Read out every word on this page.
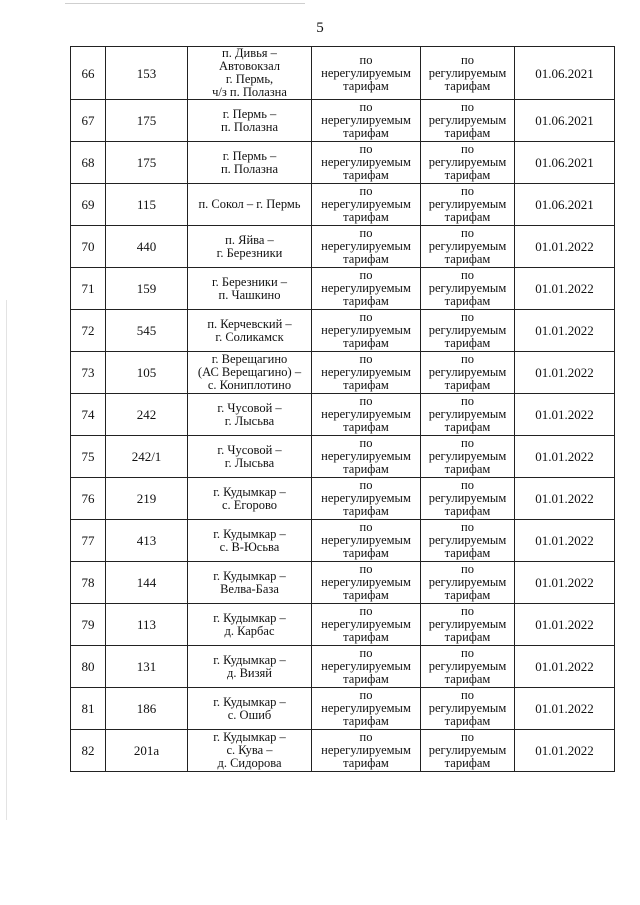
5
66	153	п. Дивья –
Автовокзал
г. Пермь,
ч/з п. Полазна	по
нерегулируемым
тарифам	по
регулируемым
тарифам	01.06.2021
67	175	г. Пермь –
п. Полазна	по
нерегулируемым
тарифам	по
регулируемым
тарифам	01.06.2021
68	175	г. Пермь –
п. Полазна	по
нерегулируемым
тарифам	по
регулируемым
тарифам	01.06.2021
69	115	п. Сокол – г. Пермь	по
нерегулируемым
тарифам	по
регулируемым
тарифам	01.06.2021
70	440	п. Яйва –
г. Березники	по
нерегулируемым
тарифам	по
регулируемым
тарифам	01.01.2022
71	159	г. Березники –
п. Чашкино	по
нерегулируемым
тарифам	по
регулируемым
тарифам	01.01.2022
72	545	п. Керчевский –
г. Соликамск	по
нерегулируемым
тарифам	по
регулируемым
тарифам	01.01.2022
73	105	г. Верещагино
(АС Верещагино) –
с. Кониплотино	по
нерегулируемым
тарифам	по
регулируемым
тарифам	01.01.2022
74	242	г. Чусовой –
г. Лысьва	по
нерегулируемым
тарифам	по
регулируемым
тарифам	01.01.2022
75	242/1	г. Чусовой –
г. Лысьва	по
нерегулируемым
тарифам	по
регулируемым
тарифам	01.01.2022
76	219	г. Кудымкар –
с. Егорово	по
нерегулируемым
тарифам	по
регулируемым
тарифам	01.01.2022
77	413	г. Кудымкар –
с. В-Юсьва	по
нерегулируемым
тарифам	по
регулируемым
тарифам	01.01.2022
78	144	г. Кудымкар –
Велва-База	по
нерегулируемым
тарифам	по
регулируемым
тарифам	01.01.2022
79	113	г. Кудымкар –
д. Карбас	по
нерегулируемым
тарифам	по
регулируемым
тарифам	01.01.2022
80	131	г. Кудымкар –
д. Визяй	по
нерегулируемым
тарифам	по
регулируемым
тарифам	01.01.2022
81	186	г. Кудымкар –
с. Ошиб	по
нерегулируемым
тарифам	по
регулируемым
тарифам	01.01.2022
82	201а	г. Кудымкар –
с. Кува –
д. Сидорова	по
нерегулируемым
тарифам	по
регулируемым
тарифам	01.01.2022
